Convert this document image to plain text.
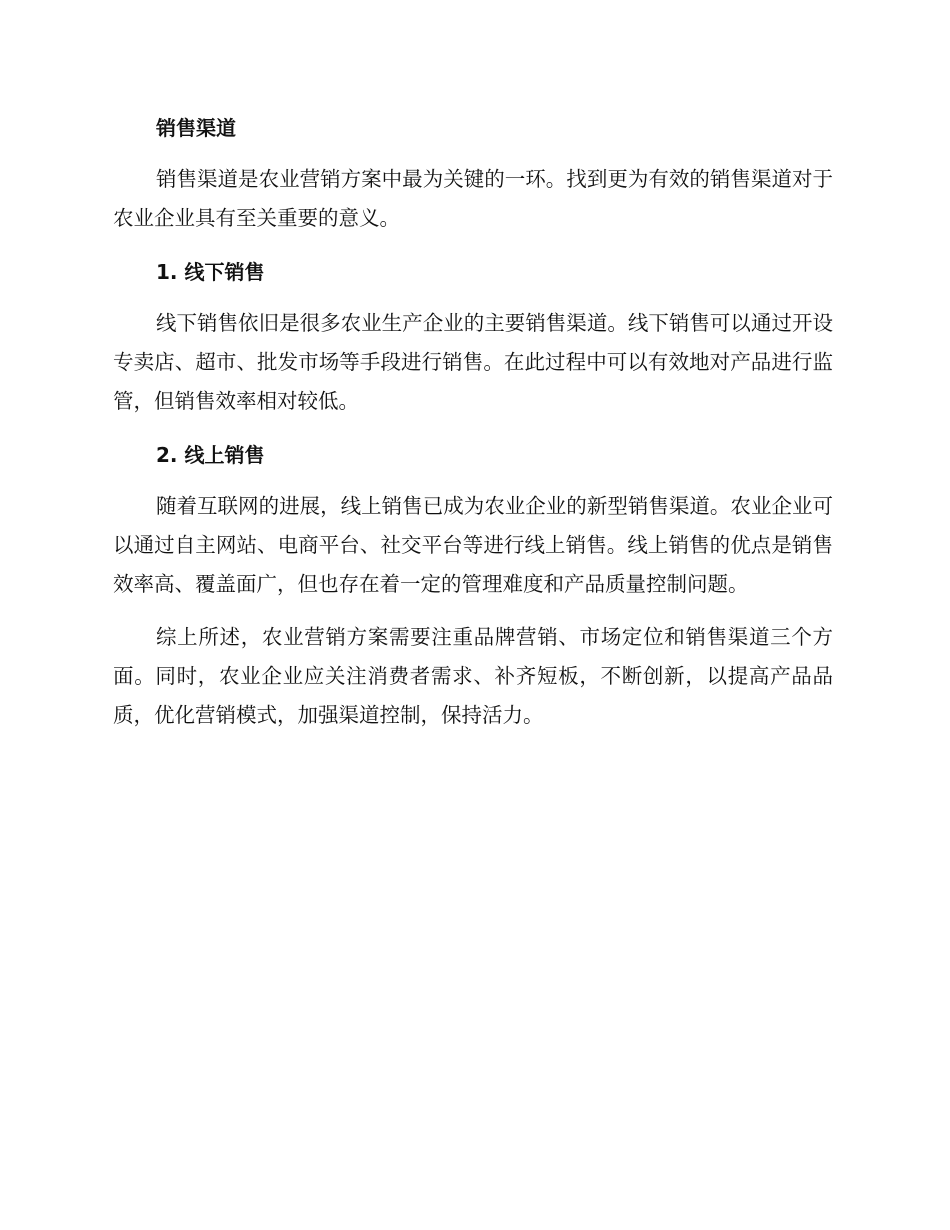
销售渠道

销售渠道是农业营销方案中最为关键的一环。找到更为有效的销售渠道对于农业企业具有至关重要的意义。

1. 线下销售

线下销售依旧是很多农业生产企业的主要销售渠道。线下销售可以通过开设专卖店、超市、批发市场等手段进行销售。在此过程中可以有效地对产品进行监管，但销售效率相对较低。

2. 线上销售

随着互联网的进展，线上销售已成为农业企业的新型销售渠道。农业企业可以通过自主网站、电商平台、社交平台等进行线上销售。线上销售的优点是销售效率高、覆盖面广，但也存在着一定的管理难度和产品质量控制问题。

综上所述，农业营销方案需要注重品牌营销、市场定位和销售渠道三个方面。同时，农业企业应关注消费者需求、补齐短板，不断创新，以提高产品品质，优化营销模式，加强渠道控制，保持活力。
